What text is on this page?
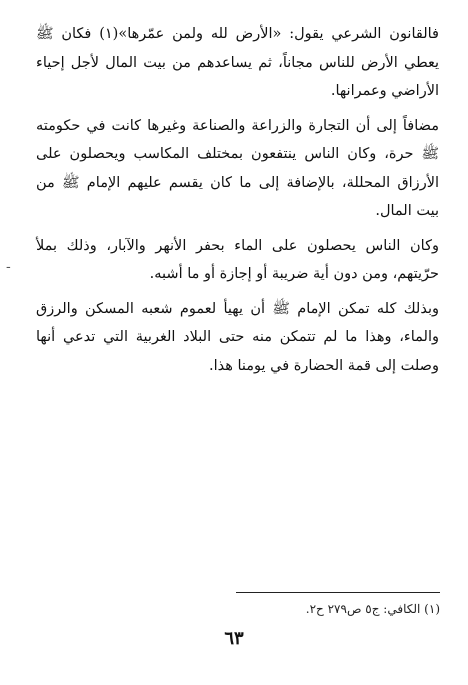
فالقانون الشرعي يقول: «الأرض لله ولمن عمّرها»(١) فكان ﷺ يعطي الأرض للناس مجاناً، ثم يساعدهم من بيت المال لأجل إحياء الأراضي وعمرانها.

مضافاً إلى أن التجارة والزراعة والصناعة وغيرها كانت في حكومته ﷺ حرة، وكان الناس ينتفعون بمختلف المكاسب ويحصلون على الأرزاق المحللة، بالإضافة إلى ما كان يقسم عليهم الإمام ﷺ من بيت المال.

وكان الناس يحصلون على الماء بحفر الأنهر والآبار، وذلك بملأ حرّيتهم، ومن دون أية ضريبة أو إجازة أو ما أشبه.

وبذلك كله تمكن الإمام ﷺ أن يهيأ لعموم شعبه المسكن والرزق والماء، وهذا ما لم تتمكن منه حتى البلاد الغربية التي تدعي أنها وصلت إلى قمة الحضارة في يومنا هذا.

-
(١) الكافي: ج٥ ص٢٧٩ ح٢.
٦٣
